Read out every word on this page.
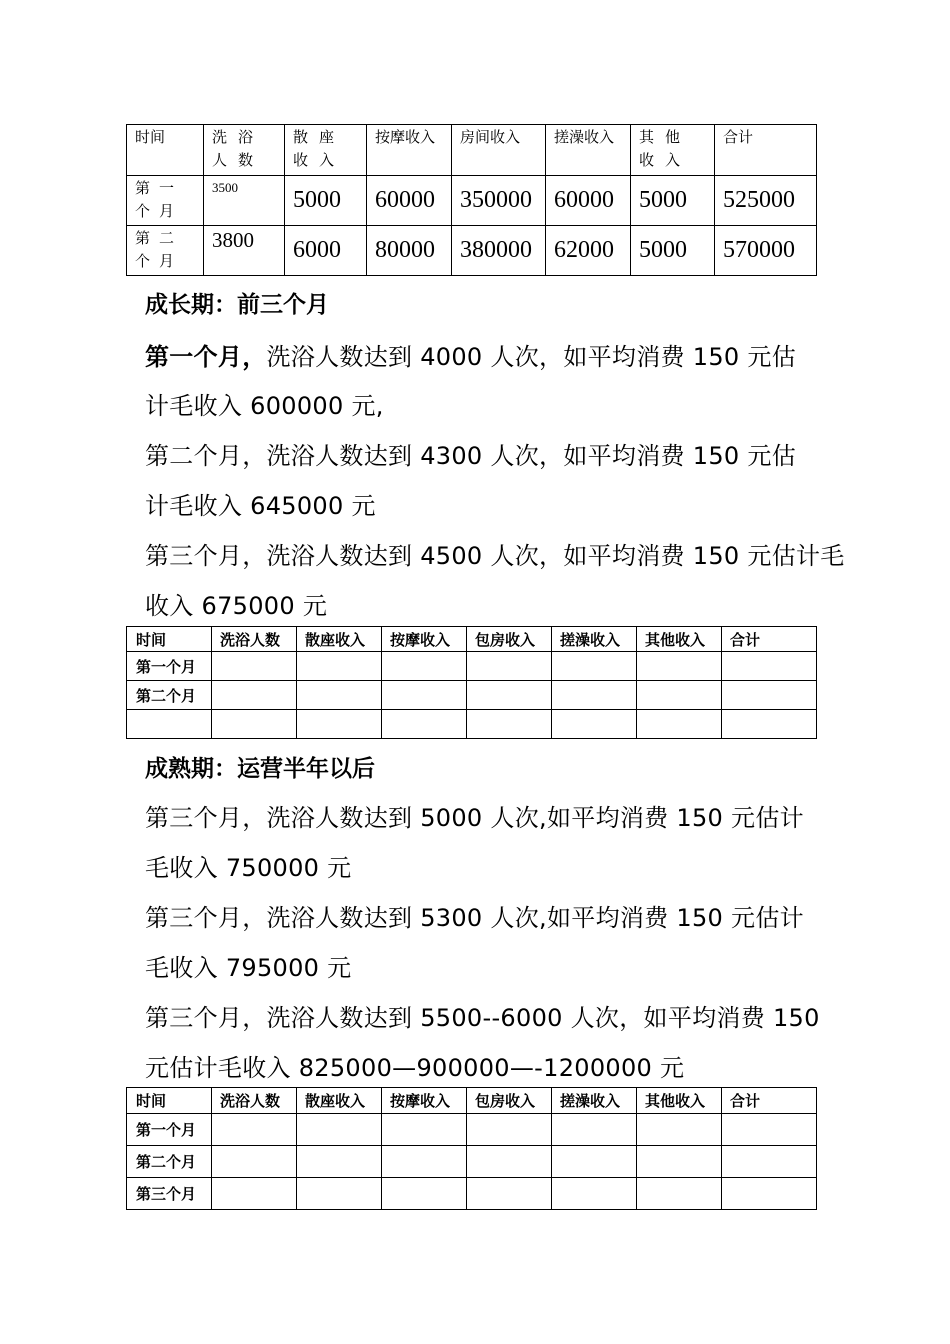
时间	洗浴人数	散座收入	按摩收入	房间收入	搓澡收入	其他收入	合计
第一个月	3500	5000	60000	350000	60000	5000	525000
第二个月	3800	6000	80000	380000	62000	5000	570000
成长期：前三个月
第一个月，洗浴人数达到 4000 人次，如平均消费 150 元估
计毛收入 600000 元,
第二个月，洗浴人数达到 4300 人次，如平均消费 150 元估
计毛收入 645000 元
第三个月，洗浴人数达到 4500 人次，如平均消费 150 元估计毛
收入 675000 元
时间	洗浴人数	散座收入	按摩收入	包房收入	搓澡收入	其他收入	合计
第一个月							
第二个月							

成熟期：运营半年以后
第三个月，洗浴人数达到 5000 人次,如平均消费 150 元估计
毛收入 750000 元
第三个月，洗浴人数达到 5300 人次,如平均消费 150 元估计
毛收入 795000 元
第三个月，洗浴人数达到 5500--6000 人次，如平均消费 150
元估计毛收入 825000—900000—-1200000 元
时间	洗浴人数	散座收入	按摩收入	包房收入	搓澡收入	其他收入	合计
第一个月							
第二个月							
第三个月							
